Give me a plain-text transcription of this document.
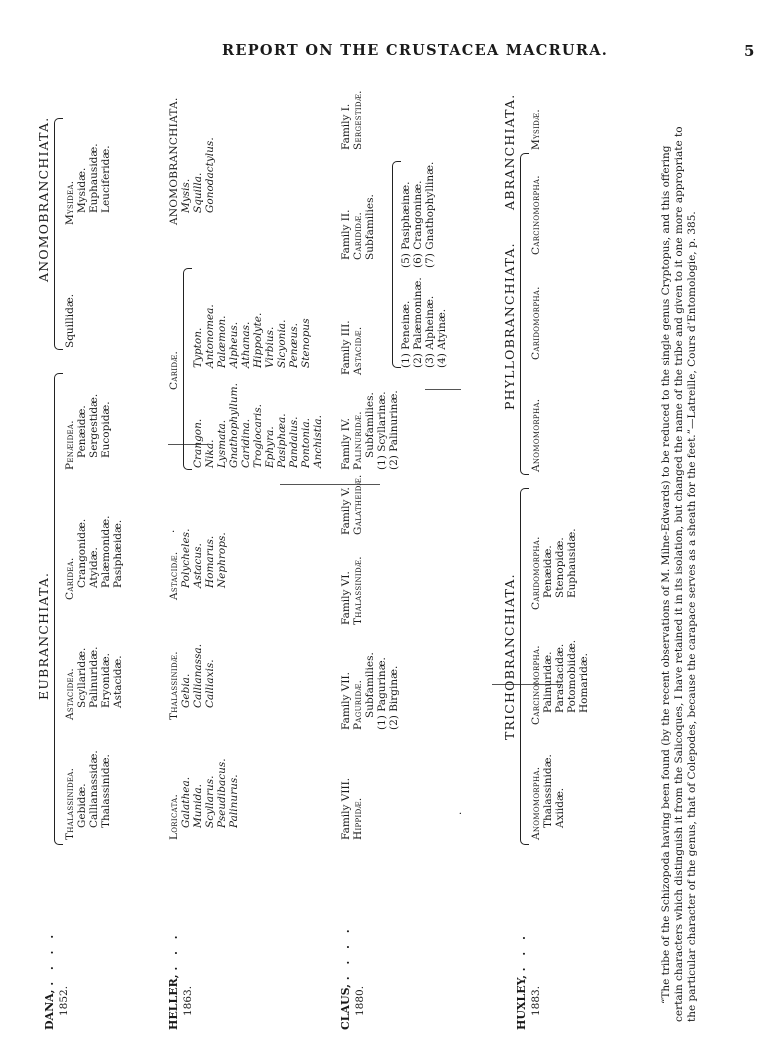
REPORT ON THE CRUSTACEA MACRURA.	5
DANA, . . . .
1852.
EUBRANCHIATA.
Thalassinidea. Gebidæ. Callianassidæ. Thalassinidæ.
Astacidea. Scyllaridæ. Palinuridæ. Eryonidæ. Astacidæ.
Caridea. Crangonidæ. Atyidæ. Palæmonidæ. Pasiphæidæ.
Penæidea. Penæidæ. Sergestidæ. Eucopidæ.
ANOMOBRANCHIATA.
Squillidæ.
Mysidea. Mysidæ. Euphausidæ. Leuciferidæ.
·
HELLER, . . .
1863.
Loricata. Galathea. Munida. Scyllarus. Pseudibacus. Palinurus.
Thalassinidæ. Gebia. Callianassa. Calliaxis.
Astacidæ. Polycheles. Astacus. Homarus. Nephrops.
Caridæ.
Crangon. Nika. Lysmata. Gnathophyllum. Caridina. Troglocaris. Ephyra. Pasiphæa. Pandalus. Pontonia. Anchistia.
Typton. Antonomea. Palæmon. Alpheus. Athanas. Hippolyte. Virbius. Sicyonia. Penæus. Stenopus
ANOMOBRANCHIATA. Mysis. Squilla. Gonodactylus.
CLAUS, . . . .
1880.
Family VIII. Hippidæ.
Family VII. Paguridæ. Subfamilies. (1) Pagurinæ. (2) Birginæ.
Family VI. Thalassinidæ.
Family V. Galatheidæ.
Family IV. Palinuridæ. Subfamilies. (1) Scyllarinæ. (2) Palinurinæ.
Family III. Astacidæ.
Family II. Carididæ. Subfamilies.
Family I. Sergestidæ.
(1) Peneinæ. (2) Palæmoninæ. (3) Alpheinæ. (4) Atyinæ.
(5) Pasiphæinæ. (6) Crangoninæ. (7) Gnathophyllinæ.
·
HUXLEY, . . .
1883.
TRICHOBRANCHIATA.
Anomomorpha. Thalassinidæ. Axiidæ.
Carcinomorpha. Palinuridæ. Parastacidæ. Potomobiidæ. Homaridæ.
Caridomorpha. Penæidæ. Stenopidæ. Euphausidæ.
PHYLLOBRANCHIATA.
Anomomorpha.
Caridomorpha.
Carcinomorpha.
ABRANCHIATA. Mysidæ.
“The tribe of the Schizopoda having been found (by the recent observations of M. Milne-Edwards) to be reduced to the single genus Cryptopus, and this offering certain characters which distinguish it from the Salicoques, I have retained it in its isolation, but changed the name of the tribe and given to it one more appropriate to the particular character of the genus, that of Colepodes, because the carapace serves as a sheath for the feet.”—Latreille, Cours d’Entomologie, p. 385.
